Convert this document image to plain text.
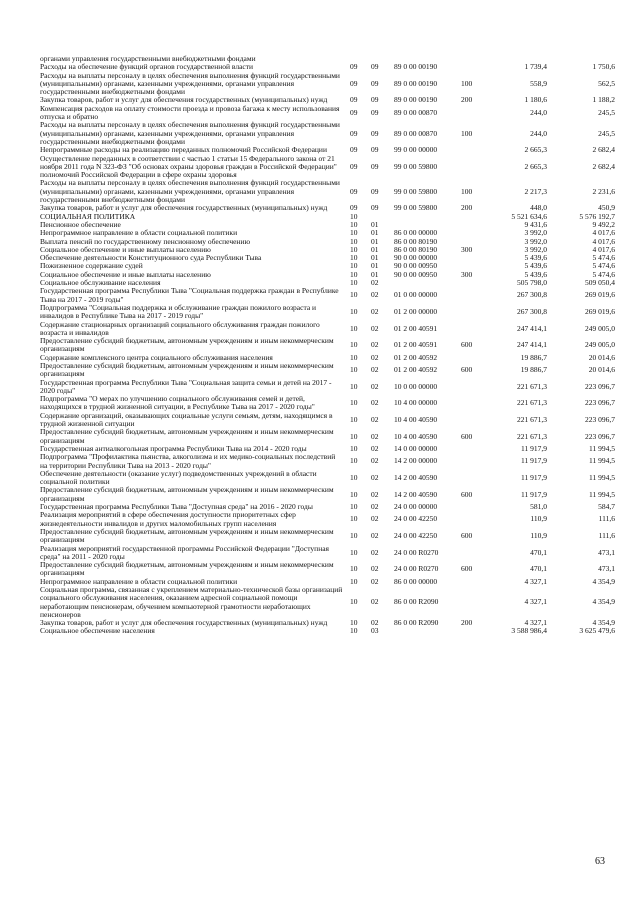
органами управления государственными внебюджетными фондами						
Расходы на обеспечение функций органов государственной власти	09	09	89 0 00 00190		1 739,4	1 750,6
Расходы на выплаты персоналу в целях обеспечения выполнения функций государственными (муниципальными) органами, казенными учреждениями, органами управления государственными внебюджетными фондами	09	09	89 0 00 00190	100	558,9	562,5
Закупка товаров, работ и услуг для обеспечения государственных (муниципальных) нужд	09	09	89 0 00 00190	200	1 180,6	1 188,2
Компенсация расходов на оплату стоимости проезда и провоза багажа к месту использования отпуска и обратно	09	09	89 0 00 00870		244,0	245,5
Расходы на выплаты персоналу в целях обеспечения выполнения функций государственными (муниципальными) органами, казенными учреждениями, органами управления государственными внебюджетными фондами	09	09	89 0 00 00870	100	244,0	245,5
Непрограммные расходы на реализацию переданных полномочий Российской Федерации	09	09	99 0 00 00000		2 665,3	2 682,4
Осуществление переданных в соответствии с частью 1 статьи 15 Федерального закона от 21 ноября 2011 года N 323-ФЗ "Об основах охраны здоровья граждан в Российской Федерации" полномочий Российской Федерации в сфере охраны здоровья	09	09	99 0 00 59800		2 665,3	2 682,4
Расходы на выплаты персоналу в целях обеспечения выполнения функций государственными (муниципальными) органами, казенными учреждениями, органами управления государственными внебюджетными фондами	09	09	99 0 00 59800	100	2 217,3	2 231,6
Закупка товаров, работ и услуг для обеспечения государственных (муниципальных) нужд	09	09	99 0 00 59800	200	448,0	450,9
СОЦИАЛЬНАЯ ПОЛИТИКА	10				5 521 634,6	5 576 192,7
Пенсионное обеспечение	10	01			9 431,6	9 492,2
Непрограммное направление в области социальной политики	10	01	86 0 00 00000		3 992,0	4 017,6
Выплата пенсий по государственному пенсионному обеспечению	10	01	86 0 00 80190		3 992,0	4 017,6
Социальное обеспечение и иные выплаты населению	10	01	86 0 00 80190	300	3 992,0	4 017,6
Обеспечение деятельности Конституционного суда Республики Тыва	10	01	90 0 00 00000		5 439,6	5 474,6
Пожизненное содержание судей	10	01	90 0 00 00950		5 439,6	5 474,6
Социальное обеспечение и иные выплаты населению	10	01	90 0 00 00950	300	5 439,6	5 474,6
Социальное обслуживание населения	10	02			505 798,0	509 050,4
Государственная программа Республики Тыва "Социальная поддержка граждан в Республике Тыва на 2017 - 2019 годы"	10	02	01 0 00 00000		267 300,8	269 019,6
Подпрограмма "Социальная поддержка и обслуживание граждан пожилого возраста и инвалидов в Республике Тыва на 2017 - 2019 годы"	10	02	01 2 00 00000		267 300,8	269 019,6
Содержание стационарных организаций социального обслуживания граждан пожилого возраста и инвалидов	10	02	01 2 00 40591		247 414,1	249 005,0
Предоставление субсидий бюджетным, автономным учреждениям и иным некоммерческим организациям	10	02	01 2 00 40591	600	247 414,1	249 005,0
Содержание комплексного центра социального обслуживания населения	10	02	01 2 00 40592		19 886,7	20 014,6
Предоставление субсидий бюджетным, автономным учреждениям и иным некоммерческим организациям	10	02	01 2 00 40592	600	19 886,7	20 014,6
Государственная программа Республики Тыва "Социальная защита семьи и детей на 2017 - 2020 годы"	10	02	10 0 00 00000		221 671,3	223 096,7
Подпрограмма "О мерах по улучшению социального обслуживания семей и детей, находящихся в трудной жизненной ситуации, в Республике Тыва на 2017 - 2020 годы"	10	02	10 4 00 00000		221 671,3	223 096,7
Содержание организаций, оказывающих социальные услуги семьям, детям, находящимся в трудной жизненной ситуации	10	02	10 4 00 40590		221 671,3	223 096,7
Предоставление субсидий бюджетным, автономным учреждениям и иным некоммерческим организациям	10	02	10 4 00 40590	600	221 671,3	223 096,7
Государственная антиалкогольная программа Республики Тыва на 2014 - 2020 годы	10	02	14 0 00 00000		11 917,9	11 994,5
Подпрограмма "Профилактика пьянства, алкоголизма и их медико-социальных последствий на территории Республики Тыва на 2013 - 2020 годы"	10	02	14 2 00 00000		11 917,9	11 994,5
Обеспечение деятельности (оказание услуг) подведомственных учреждений в области социальной политики	10	02	14 2 00 40590		11 917,9	11 994,5
Предоставление субсидий бюджетным, автономным учреждениям и иным некоммерческим организациям	10	02	14 2 00 40590	600	11 917,9	11 994,5
Государственная программа Республики Тыва "Доступная среда" на 2016 - 2020 годы	10	02	24 0 00 00000		581,0	584,7
Реализация мероприятий в сфере обеспечения доступности приоритетных сфер жизнедеятельности инвалидов и других маломобильных групп населения	10	02	24 0 00 42250		110,9	111,6
Предоставление субсидий бюджетным, автономным учреждениям и иным некоммерческим организациям	10	02	24 0 00 42250	600	110,9	111,6
Реализация мероприятий государственной программы Российской Федерации "Доступная среда" на 2011 - 2020 годы	10	02	24 0 00 R0270		470,1	473,1
Предоставление субсидий бюджетным, автономным учреждениям и иным некоммерческим организациям	10	02	24 0 00 R0270	600	470,1	473,1
Непрограммное направление в области социальной политики	10	02	86 0 00 00000		4 327,1	4 354,9
Социальная программа, связанная с укреплением материально-технической базы организаций социального обслуживания населения, оказанием адресной социальной помощи неработающим пенсионерам, обучением компьютерной грамотности неработающих пенсионеров	10	02	86 0 00 R2090		4 327,1	4 354,9
Закупка товаров, работ и услуг для обеспечения государственных (муниципальных) нужд	10	02	86 0 00 R2090	200	4 327,1	4 354,9
Социальное обеспечение населения	10	03			3 588 986,4	3 625 479,6
63
